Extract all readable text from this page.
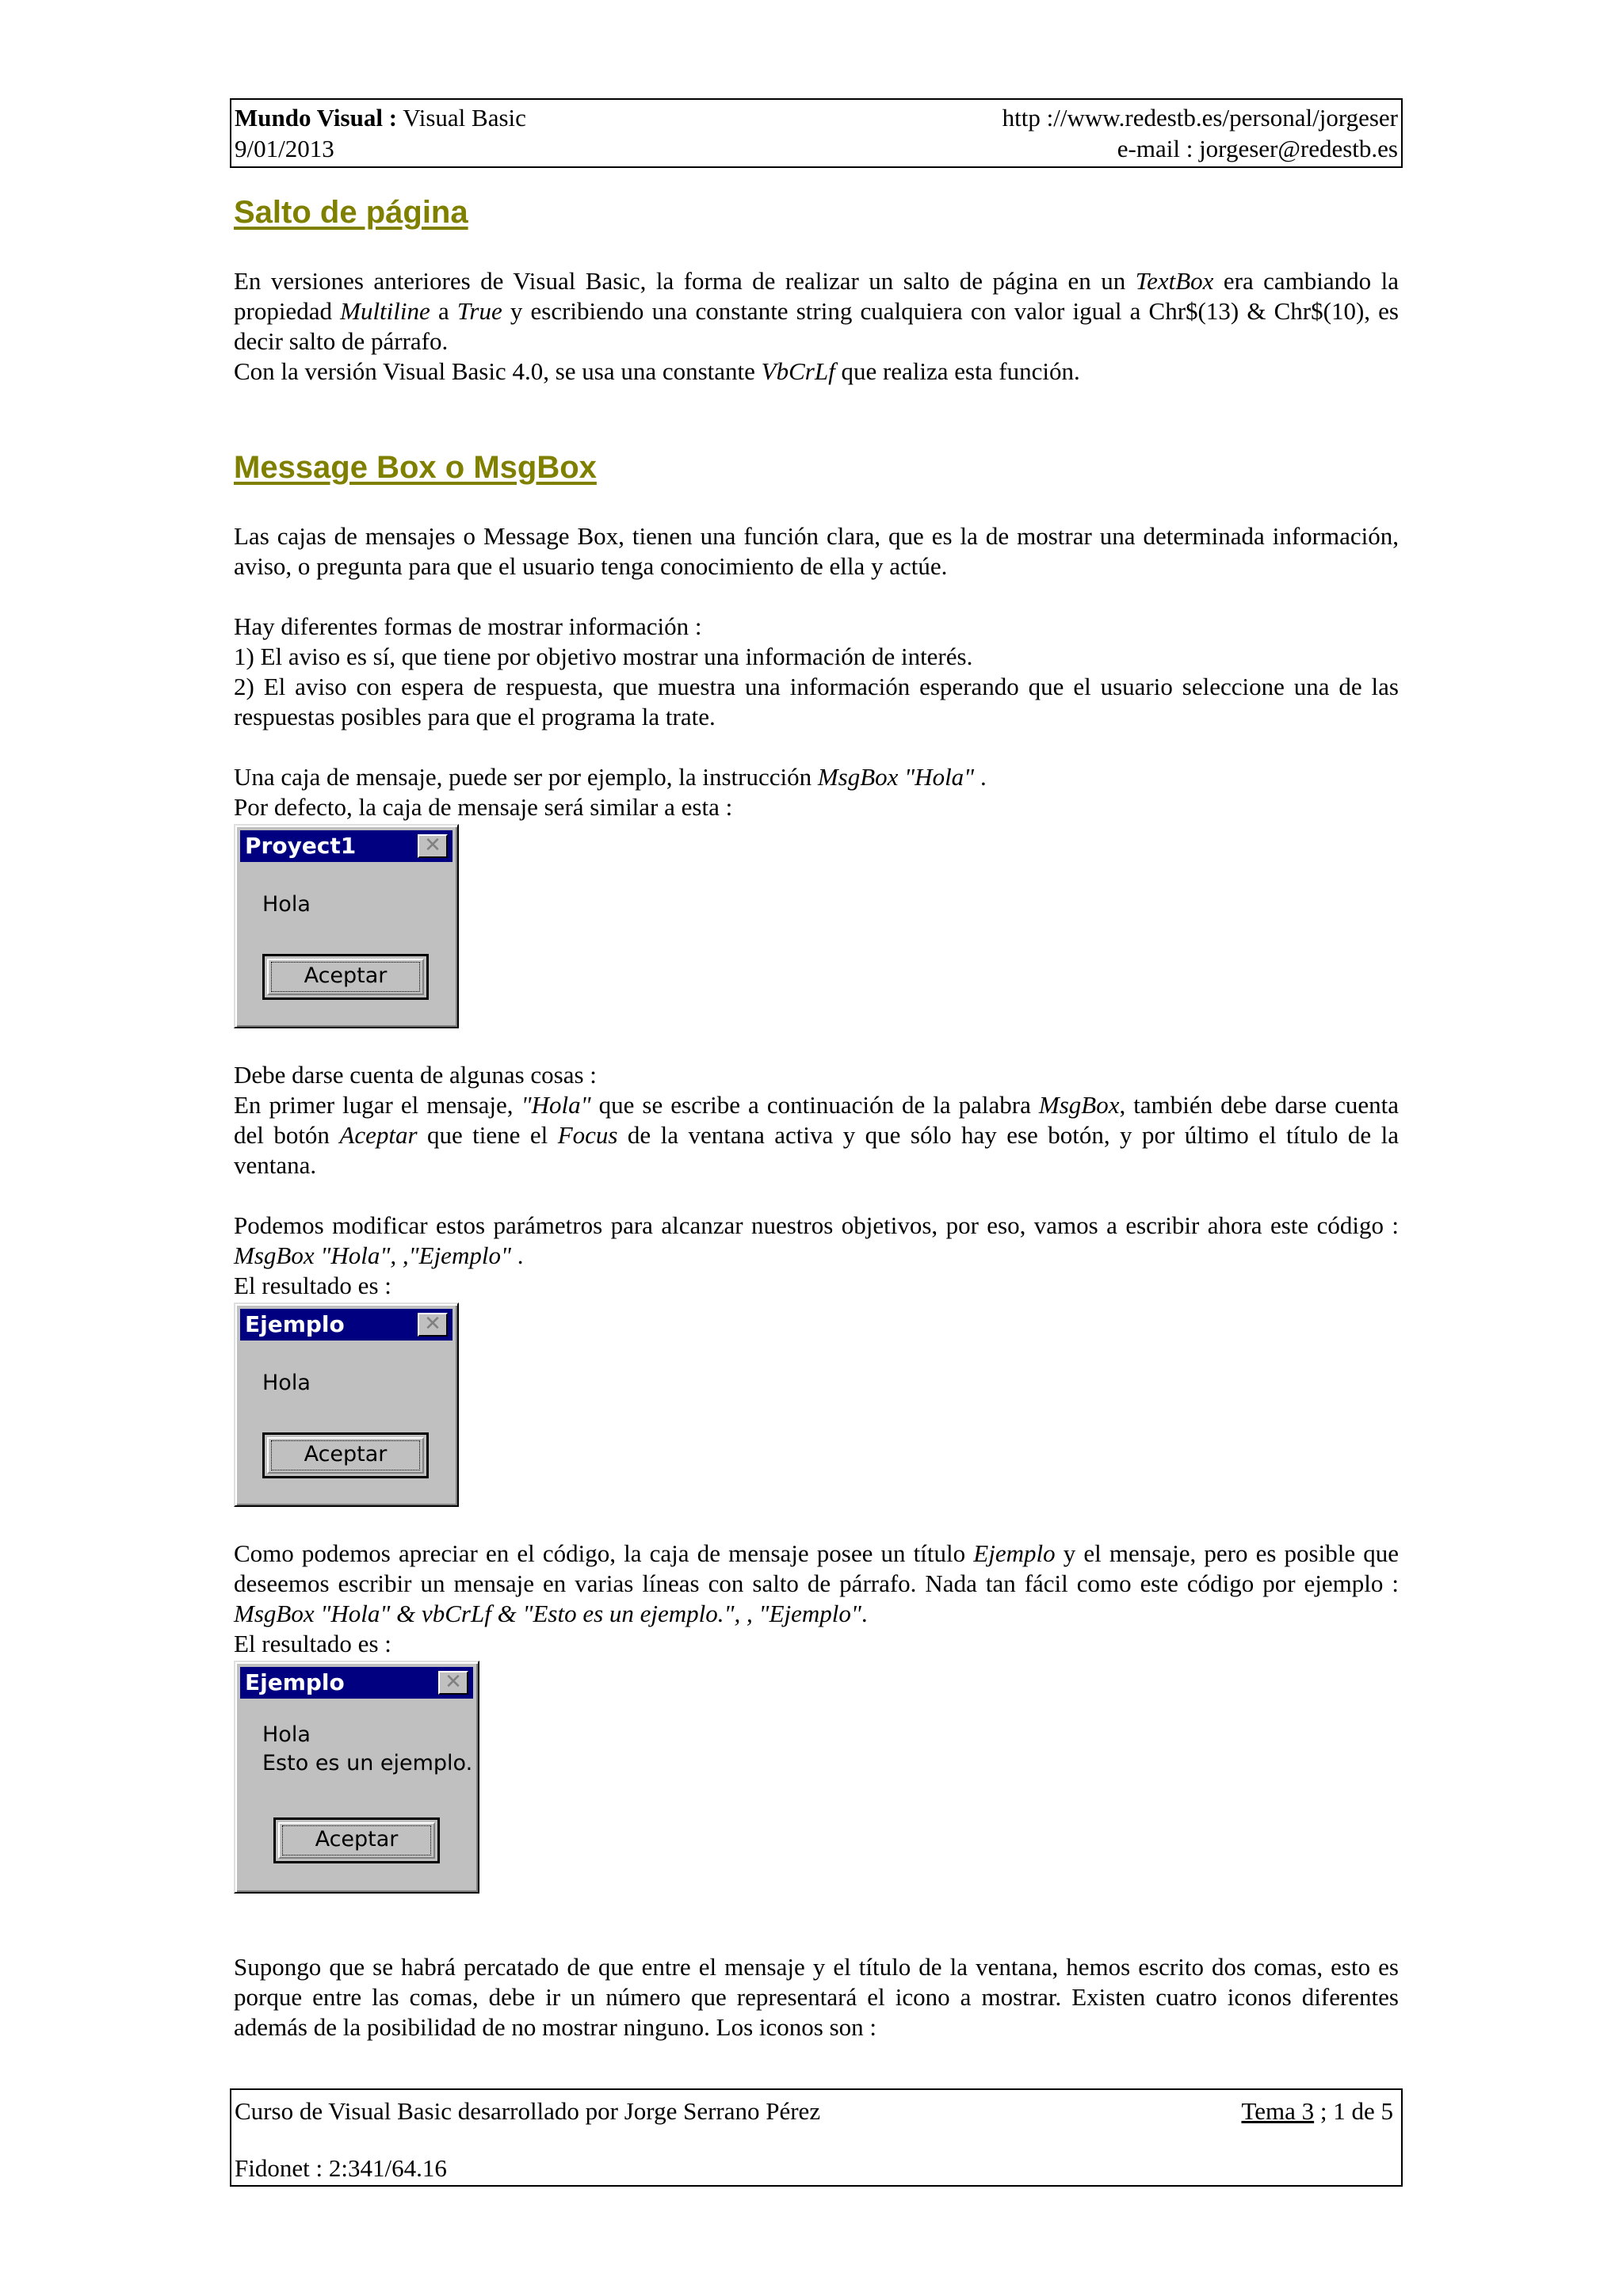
Mundo Visual : Visual Basic	http ://www.redestb.es/personal/jorgeser
9/01/2013	e-mail : jorgeser@redestb.es
Salto de página

En versiones anteriores de Visual Basic, la forma de realizar un salto de página en un TextBox era cambiando la propiedad Multiline a True y escribiendo una constante string cualquiera con valor igual a Chr$(13) & Chr$(10), es decir salto de párrafo.

Con la versión Visual Basic 4.0, se usa una constante VbCrLf que realiza esta función.

Message Box o MsgBox

Las cajas de mensajes o Message Box, tienen una función clara, que es la de mostrar una determinada información, aviso, o pregunta para que el usuario tenga conocimiento de ella y actúe.

Hay diferentes formas de mostrar información :
1) El aviso es sí, que tiene por objetivo mostrar una información de interés.
2) El aviso con espera de respuesta, que muestra una información esperando que el usuario seleccione una de las respuestas posibles para que el programa la trate.

Una caja de mensaje, puede ser por ejemplo, la instrucción MsgBox "Hola" .
Por defecto, la caja de mensaje será similar a esta :

Proyect1	✕
Hola
Aceptar

Debe darse cuenta de algunas cosas :
En primer lugar el mensaje, "Hola" que se escribe a continuación de la palabra MsgBox, también debe darse cuenta del botón Aceptar que tiene el Focus de la ventana activa y que sólo hay ese botón, y por último el título de la ventana.

Podemos modificar estos parámetros para alcanzar nuestros objetivos, por eso, vamos a escribir ahora este código : MsgBox "Hola", ,"Ejemplo" .
El resultado es :

Ejemplo	✕
Hola
Aceptar

Como podemos apreciar en el código, la caja de mensaje posee un título Ejemplo y el mensaje, pero es posible que deseemos escribir un mensaje en varias líneas con salto de párrafo. Nada tan fácil como este código por ejemplo : MsgBox "Hola" & vbCrLf & "Esto es un ejemplo.", , "Ejemplo".
El resultado es :

Ejemplo	✕
Hola
Esto es un ejemplo.
Aceptar

Supongo que se habrá percatado de que entre el mensaje y el título de la ventana, hemos escrito dos comas, esto es porque entre las comas, debe ir un número que representará el icono a mostrar. Existen cuatro iconos diferentes además de la posibilidad de no mostrar ninguno. Los iconos son :

Curso de Visual Basic desarrollado por Jorge Serrano Pérez	Tema 3 ; 1 de 5
Fidonet : 2:341/64.16
